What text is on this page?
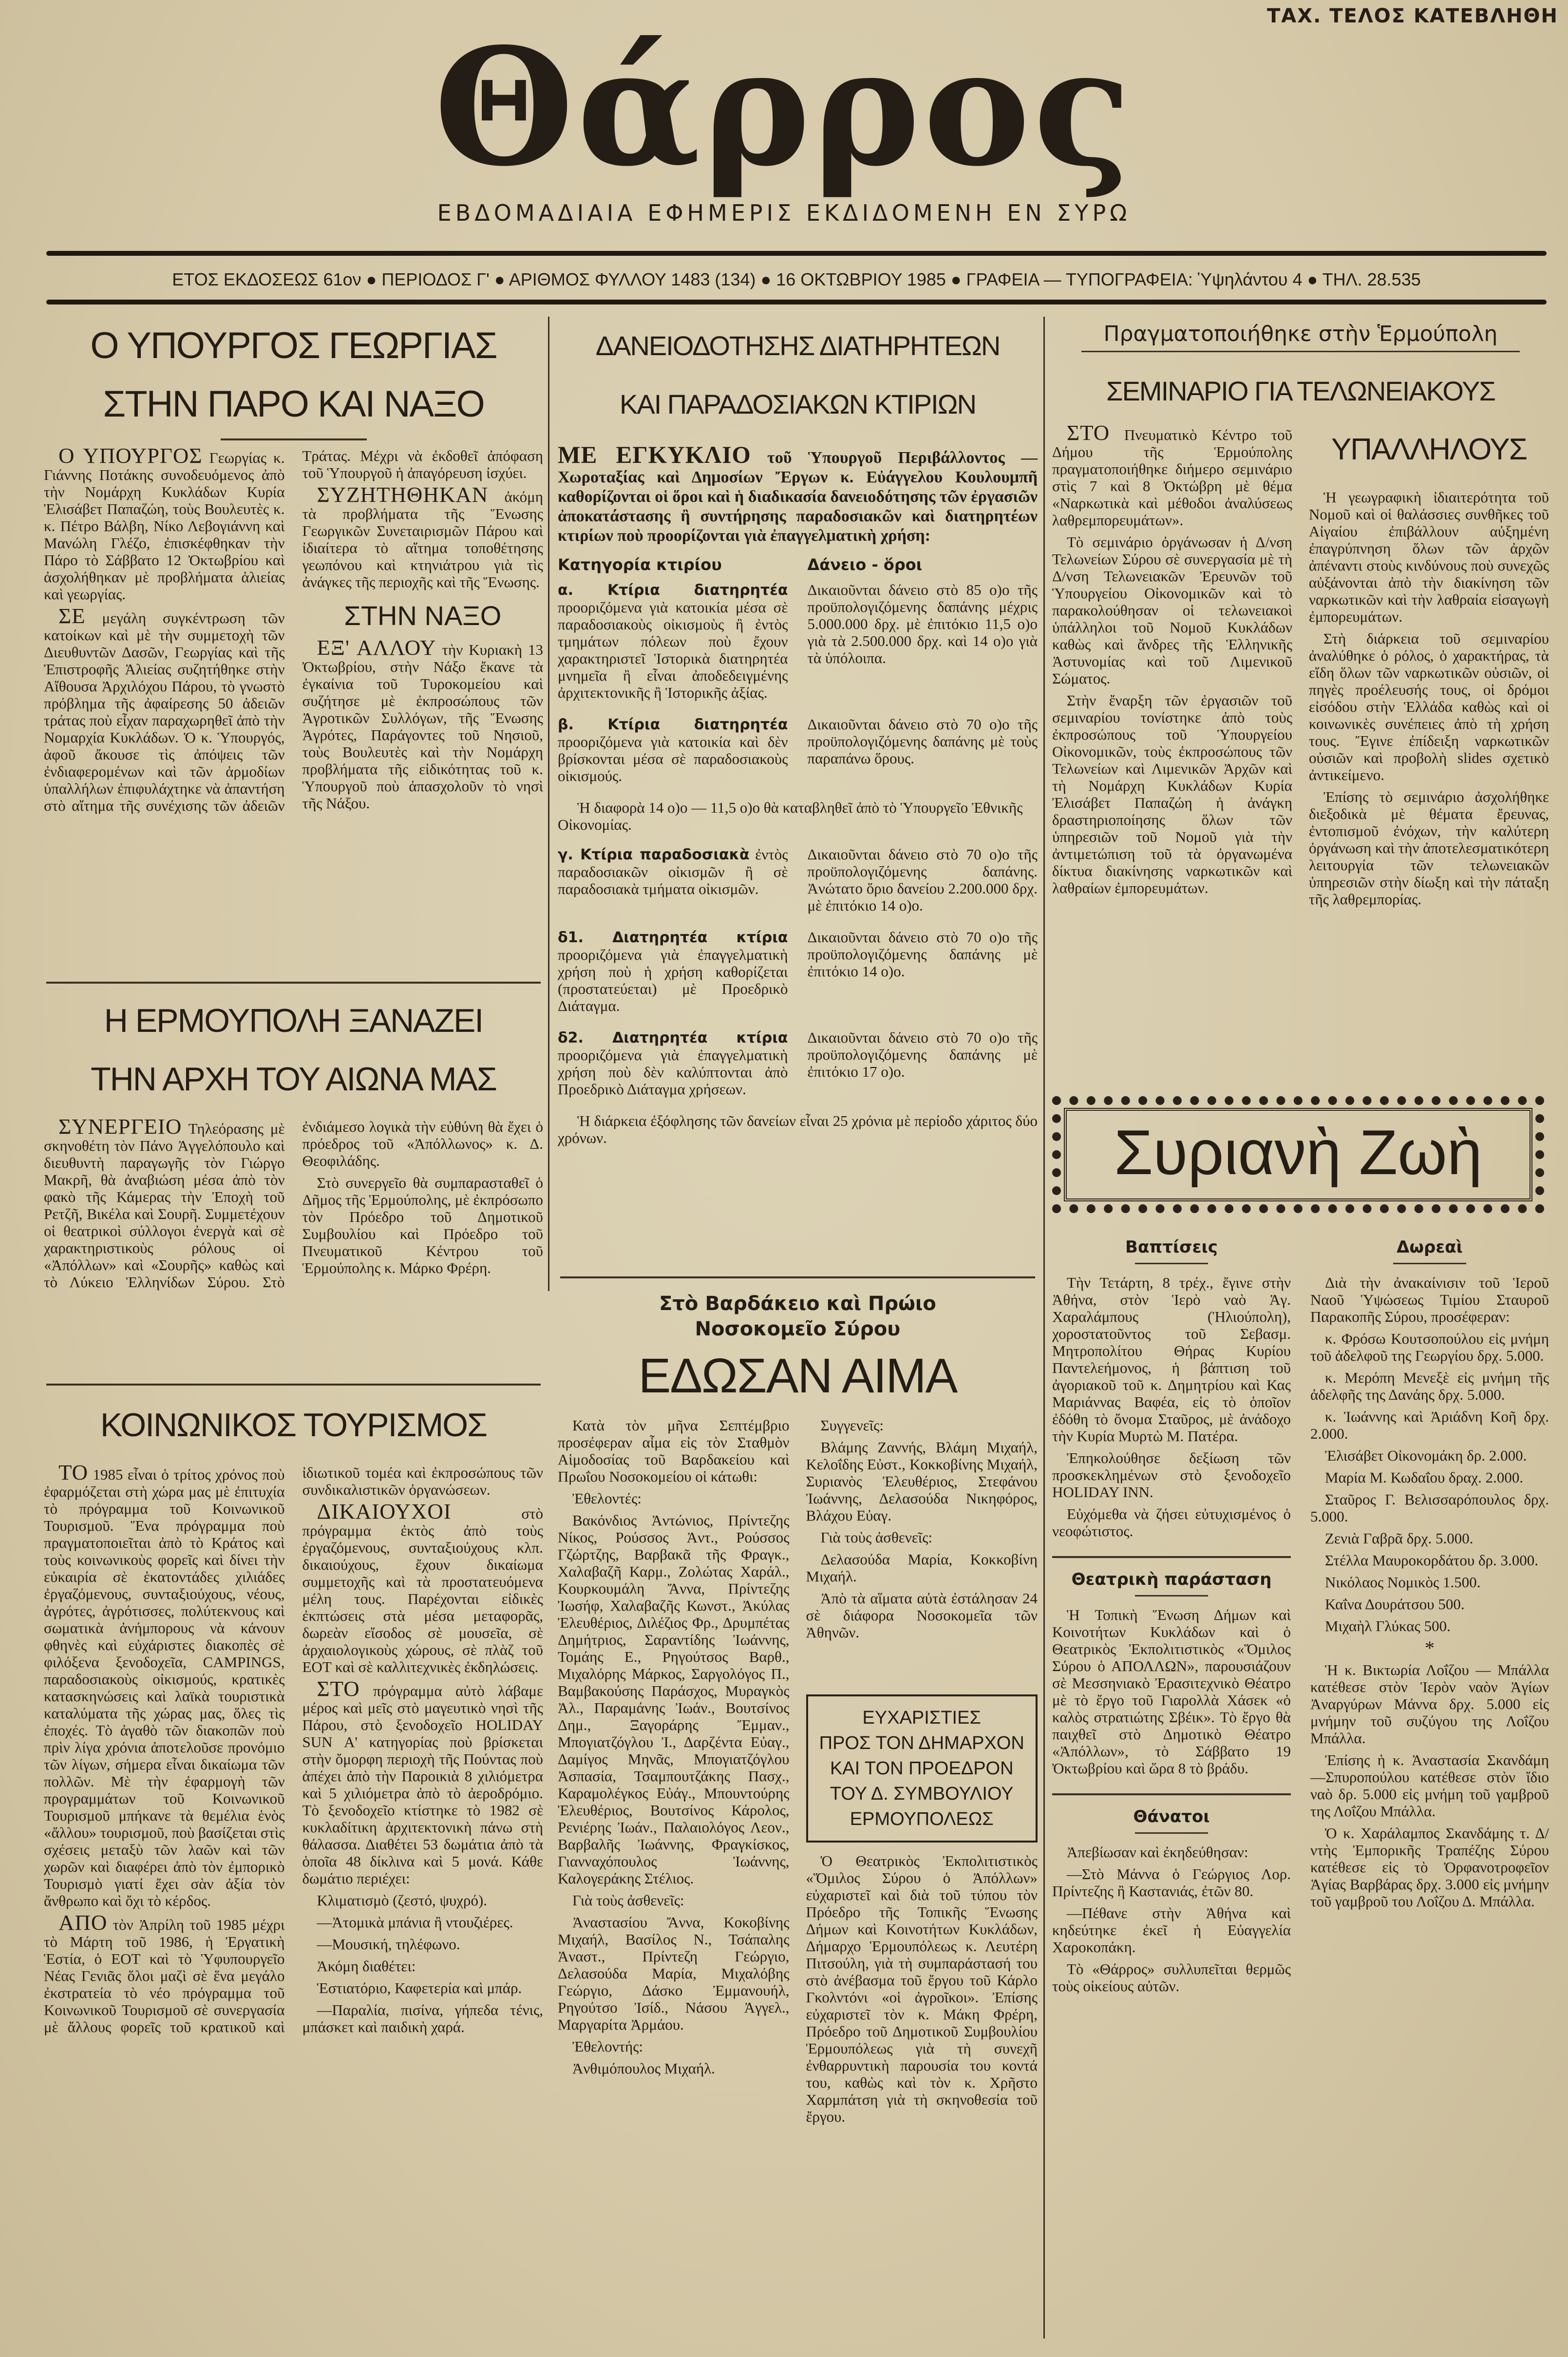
ΤΑΧ. ΤΕΛΟΣ ΚΑΤΕΒΛΗΘΗ
Θάρρος
ΕΒΔΟΜΑΔΙΑΙΑ ΕΦΗΜΕΡΙΣ ΕΚΔΙΔΟΜΕΝΗ ΕΝ ΣΥΡΩ
ΕΤΟΣ ΕΚΔΟΣΕΩΣ 61ον ● ΠΕΡΙΟΔΟΣ Γ' ● ΑΡΙΘΜΟΣ ΦΥΛΛΟΥ 1483 (134) ● 16 ΟΚΤΩΒΡΙΟΥ 1985 ● ΓΡΑΦΕΙΑ — ΤΥΠΟΓΡΑΦΕΙΑ: Ὑψηλάντου 4 ● ΤΗΛ. 28.535
Ο ΥΠΟΥΡΓΟΣ ΓΕΩΡΓΙΑΣ
ΣΤΗΝ ΠΑΡΟ ΚΑΙ ΝΑΞΟ

Ο ΥΠΟΥΡΓΟΣ Γεωργίας κ. Γιάννης Ποτάκης συνοδευόμενος ἀπὸ τὴν Νομάρχη Κυκλάδων Κυρία Ἐλισάβετ Παπαζώη, τοὺς Βουλευτὲς κ. κ. Πέτρο Βάλβη, Νίκο Λεβογιάννη καὶ Μανώλη Γλέζο, ἐπισκέφθηκαν τὴν Πάρο τὸ Σάββατο 12 Ὀκτωβρίου καὶ ἀσχολήθηκαν μὲ προβλήματα ἁλιείας καὶ γεωργίας.

ΣΕ μεγάλη συγκέντρωση τῶν κατοίκων καὶ μὲ τὴν συμμετοχὴ τῶν Διευθυντῶν Δασῶν, Γεωργίας καὶ τῆς Ἐπιστροφῆς Ἁλιείας συζητήθηκε στὴν Αἴθουσα Ἀρχιλόχου Πάρου, τὸ γνωστὸ πρόβλημα τῆς ἀφαίρεσης 50 ἀδειῶν τράτας ποὺ εἶχαν παραχωρηθεῖ ἀπὸ τὴν Νομαρχία Κυκλάδων. Ὁ κ. Ὑπουργός, ἀφοῦ ἄκουσε τὶς ἀπόψεις τῶν ἐνδιαφερομένων καὶ τῶν ἁρμοδίων ὑπαλλήλων ἐπιφυλάχτηκε νὰ ἀπαντήση στὸ αἴτημα τῆς συνέχισης τῶν ἀδειῶν Τράτας. Μέχρι νὰ ἐκδοθεῖ ἀπόφαση τοῦ Ὑπουργοῦ ἡ ἀπαγόρευση ἰσχύει.

ΣΥΖΗΤΗΘΗΚΑΝ ἀκόμη τὰ προβλήματα τῆς Ἕνωσης Γεωργικῶν Συνεταιρισμῶν Πάρου καὶ ἰδιαίτερα τὸ αἴτημα τοποθέτησης γεωπόνου καὶ κτηνιάτρου γιὰ τὶς ἀνάγκες τῆς περιοχῆς καὶ τῆς Ἕνωσης.

ΣΤΗΝ ΝΑΞΟ

ΕΞ' ΑΛΛΟΥ τὴν Κυριακὴ 13 Ὀκτωβρίου, στὴν Νάξο ἔκανε τὰ ἐγκαίνια τοῦ Τυροκομείου καὶ συζήτησε μὲ ἐκπροσώπους τῶν Ἀγροτικῶν Συλλόγων, τῆς Ἕνωσης Ἀγρότες, Παράγοντες τοῦ Νησιοῦ, τοὺς Βουλευτὲς καὶ τὴν Νομάρχη προβλήματα τῆς εἰδικότητας τοῦ κ. Ὑπουργοῦ ποὺ ἀπασχολοῦν τὸ νησὶ τῆς Νάξου.

Η ΕΡΜΟΥΠΟΛΗ ΞΑΝΑΖΕΙ
ΤΗΝ ΑΡΧΗ ΤΟΥ ΑΙΩΝΑ ΜΑΣ

ΣΥΝΕΡΓΕΙΟ Τηλεόρασης μὲ σκηνοθέτη τὸν Πάνο Ἀγγελόπουλο καὶ διευθυντὴ παραγωγῆς τὸν Γιώργο Μακρῆ, θὰ ἀναβιώση μέσα ἀπὸ τὸν φακὸ τῆς Κάμερας τὴν Ἐποχὴ τοῦ Ρετζῆ, Βικέλα καὶ Σουρῆ. Συμμετέχουν οἱ θεατρικοὶ σύλλογοι ἐνεργὰ καὶ σὲ χαρακτηριστικοὺς ρόλους οἱ «Ἀπόλλων» καὶ «Σουρῆς» καθὼς καὶ τὸ Λύκειο Ἑλληνίδων Σύρου. Στὸ ἐνδιάμεσο λογικὰ τὴν εὐθύνη θὰ ἔχει ὁ πρόεδρος τοῦ «Ἀπόλλωνος» κ. Δ. Θεοφιλάδης.

Στὸ συνεργεῖο θὰ συμπαρασταθεῖ ὁ Δῆμος τῆς Ἑρμούπολης, μὲ ἐκπρόσωπο τὸν Πρόεδρο τοῦ Δημοτικοῦ Συμβουλίου καὶ Πρόεδρο τοῦ Πνευματικοῦ Κέντρου τοῦ Ἑρμούπολης κ. Μάρκο Φρέρη.

ΚΟΙΝΩΝΙΚΟΣ ΤΟΥΡΙΣΜΟΣ

ΤΟ 1985 εἶναι ὁ τρίτος χρόνος ποὺ ἐφαρμόζεται στὴ χώρα μας μὲ ἐπιτυχία τὸ πρόγραμμα τοῦ Κοινωνικοῦ Τουρισμοῦ. Ἕνα πρόγραμμα ποὺ πραγματοποιεῖται ἀπὸ τὸ Κράτος καὶ τοὺς κοινωνικοὺς φορεῖς καὶ δίνει τὴν εὐκαιρία σὲ ἑκατοντάδες χιλιάδες ἐργαζόμενους, συνταξιούχους, νέους, ἀγρότες, ἀγρότισσες, πολύτεκνους καὶ σωματικὰ ἀνήμπορους νὰ κάνουν φθηνὲς καὶ εὐχάριστες διακοπὲς σὲ φιλόξενα ξενοδοχεῖα, CAMPINGS, παραδοσιακοὺς οἰκισμούς, κρατικὲς κατασκηνώσεις καὶ λαϊκὰ τουριστικὰ καταλύματα τῆς χώρας μας, ὅλες τὶς ἐποχές. Τὸ ἀγαθὸ τῶν διακοπῶν ποὺ πρὶν λίγα χρόνια ἀποτελοῦσε προνόμιο τῶν λίγων, σήμερα εἶναι δικαίωμα τῶν πολλῶν. Μὲ τὴν ἐφαρμογὴ τῶν προγραμμάτων τοῦ Κοινωνικοῦ Τουρισμοῦ μπήκανε τὰ θεμέλια ἑνὸς «ἄλλου» τουρισμοῦ, ποὺ βασίζεται στὶς σχέσεις μεταξὺ τῶν λαῶν καὶ τῶν χωρῶν καὶ διαφέρει ἀπὸ τὸν ἐμπορικὸ Τουρισμὸ γιατί ἔχει σὰν ἀξία τὸν ἄνθρωπο καὶ ὄχι τὸ κέρδος.

ΑΠΟ τὸν Ἀπρίλη τοῦ 1985 μέχρι τὸ Μάρτη τοῦ 1986, ἡ Ἐργατικὴ Ἑστία, ὁ ΕΟΤ καὶ τὸ Ὑφυπουργεῖο Νέας Γενιᾶς ὅλοι μαζὶ σὲ ἕνα μεγάλο ἐκστρατεία τὸ νέο πρόγραμμα τοῦ Κοινωνικοῦ Τουρισμοῦ σὲ συνεργασία μὲ ἄλλους φορεῖς τοῦ κρατικοῦ καὶ ἰδιωτικοῦ τομέα καὶ ἐκπροσώπους τῶν συνδικαλιστικῶν ὀργανώσεων.

ΔΙΚΑΙΟΥΧΟΙ στὸ πρόγραμμα ἐκτὸς ἀπὸ τοὺς ἐργαζόμενους, συνταξιούχους κλπ. δικαιούχους, ἔχουν δικαίωμα συμμετοχῆς καὶ τὰ προστατευόμενα μέλη τους. Παρέχονται εἰδικὲς ἐκπτώσεις στὰ μέσα μεταφορᾶς, δωρεὰν εἴσοδος σὲ μουσεῖα, σὲ ἀρχαιολογικοὺς χώρους, σὲ πλὰζ τοῦ ΕΟΤ καὶ σὲ καλλιτεχνικὲς ἐκδηλώσεις.

ΣΤΟ πρόγραμμα αὐτὸ λάβαμε μέρος καὶ μεῖς στὸ μαγευτικὸ νησὶ τῆς Πάρου, στὸ ξενοδοχεῖο HOLIDAY SUN Α' κατηγορίας ποὺ βρίσκεται στὴν ὄμορφη περιοχὴ τῆς Πούντας ποὺ ἀπέχει ἀπὸ τὴν Παροικιὰ 8 χιλιόμετρα καὶ 5 χιλιόμετρα ἀπὸ τὸ ἀεροδρόμιο. Τὸ ξενοδοχεῖο κτίστηκε τὸ 1982 σὲ κυκλαδίτικη ἀρχιτεκτονικὴ πάνω στὴ θάλασσα. Διαθέτει 53 δωμάτια ἀπὸ τὰ ὁποῖα 48 δίκλινα καὶ 5 μονά. Κάθε δωμάτιο περιέχει:

Κλιματισμὸ (ζεστό, ψυχρό).

—Ἀτομικὰ μπάνια ἢ ντουζιέρες.

—Μουσική, τηλέφωνο.

Ἀκόμη διαθέτει:

Ἑστιατόριο, Καφετερία καὶ μπάρ.

—Παραλία, πισίνα, γήπεδα τένις, μπάσκετ καὶ παιδικὴ χαρά.

ΔΑΝΕΙΟΔΟΤΗΣΗΣ ΔΙΑΤΗΡΗΤΕΩΝ
ΚΑΙ ΠΑΡΑΔΟΣΙΑΚΩΝ ΚΤΙΡΙΩΝ
ΜΕ ΕΓΚΥΚΛΙΟ τοῦ Ὑπουργοῦ Περιβάλλοντος — Χωροταξίας καὶ Δημοσίων Ἔργων κ. Εὐάγγελου Κουλουμπῆ καθορίζονται οἱ ὅροι καὶ ἡ διαδικασία δανειοδότησης τῶν ἐργασιῶν ἀποκατάστασης ἢ συντήρησης παραδοσιακῶν καὶ διατηρητέων κτιρίων ποὺ προορίζονται γιὰ ἐπαγγελματικὴ χρήση:
Κατηγορία κτιρίου	Δάνειο - ὅροι
α. Κτίρια διατηρητέα προοριζόμενα γιὰ κατοικία μέσα σὲ παραδοσιακοὺς οἰκισμοὺς ἢ ἐντὸς τμημάτων πόλεων ποὺ ἔχουν χαρακτηριστεῖ Ἱστορικὰ διατηρητέα μνημεῖα ἢ εἶναι ἀποδεδειγμένης ἀρχιτεκτονικῆς ἢ Ἱστορικῆς ἀξίας.
Δικαιοῦνται δάνειο στὸ 85 ο)ο τῆς προϋπολογιζόμενης δαπάνης μέχρις 5.000.000 δρχ. μὲ ἐπιτόκιο 11,5 ο)ο γιὰ τὰ 2.500.000 δρχ. καὶ 14 ο)ο γιὰ τὰ ὑπόλοιπα.
β. Κτίρια διατηρητέα προοριζόμενα γιὰ κατοικία καὶ δὲν βρίσκονται μέσα σὲ παραδοσιακοὺς οἰκισμούς.
Δικαιοῦνται δάνειο στὸ 70 ο)ο τῆς προϋπολογιζόμενης δαπάνης μὲ τοὺς παραπάνω ὅρους.

Ἡ διαφορὰ 14 ο)ο — 11,5 ο)ο θὰ καταβληθεῖ ἀπὸ τὸ Ὑπουργεῖο Ἐθνικῆς Οἰκονομίας.

γ. Κτίρια παραδοσιακὰ ἐντὸς παραδοσιακῶν οἰκισμῶν ἢ σὲ παραδοσιακὰ τμήματα οἰκισμῶν.
Δικαιοῦνται δάνειο στὸ 70 ο)ο τῆς προϋπολογιζόμενης δαπάνης. Ἀνώτατο ὅριο δανείου 2.200.000 δρχ. μὲ ἐπιτόκιο 14 ο)ο.
δ1. Διατηρητέα κτίρια προοριζόμενα γιὰ ἐπαγγελματικὴ χρήση ποὺ ἡ χρήση καθορίζεται (προστατεύεται) μὲ Προεδρικὸ Διάταγμα.
Δικαιοῦνται δάνειο στὸ 70 ο)ο τῆς προϋπολογιζόμενης δαπάνης μὲ ἐπιτόκιο 14 ο)ο.
δ2. Διατηρητέα κτίρια προοριζόμενα γιὰ ἐπαγγελματικὴ χρήση ποὺ δὲν καλύπτονται ἀπὸ Προεδρικὸ Διάταγμα χρήσεων.
Δικαιοῦνται δάνειο στὸ 70 ο)ο τῆς προϋπολογιζόμενης δαπάνης μὲ ἐπιτόκιο 17 ο)ο.

Ἡ διάρκεια ἐξόφλησης τῶν δανείων εἶναι 25 χρόνια μὲ περίοδο χάριτος δύο χρόνων.

Στὸ Βαρδάκειο καὶ Πρώιο
Νοσοκομεῖο Σύρου
ΕΔΩΣΑΝ ΑΙΜΑ

Κατὰ τὸν μῆνα Σεπτέμβριο προσέφεραν αἷμα εἰς τὸν Σταθμὸν Αἱμοδοσίας τοῦ Βαρδακείου καὶ Πρωΐου Νοσοκομείου οἱ κάτωθι:

Ἐθελοντές:

Βακόνδιος Ἀντώνιος, Πρίντεζης Νίκος, Ρούσσος Ἀντ., Ρούσσος Γζώρτζης, Βαρβακᾶ τῆς Φραγκ., Χαλαβαζῆ Καρμ., Ζολώτας Χαράλ., Κουρκουμάλη Ἄννα, Πρίντεζης Ἰωσήφ, Χαλαβαζῆς Κωνστ., Ἀκύλας Ἐλευθέριος, Διλέζιος Φρ., Δρυμπέτας Δημήτριος, Σαραντίδης Ἰωάννης, Τομάης Ε., Ρηγούτσος Βαρθ., Μιχαλόρης Μάρκος, Σαργολόγος Π., Βαμβακούσης Παράσχος, Μυραγκὸς Ἀλ., Παραμάνης Ἰωάν., Βουτσίνος Δημ., Ξαγοράρης Ἔμμαν., Μπογιατζόγλου Ἰ., Δαρζέντα Εὐαγ., Δαμίγος Μηνᾶς, Μπογιατζόγλου Ἀσπασία, Τσαμπουτζάκης Πασχ., Καραμολέγκος Εὐάγ., Μπουντούρης Ἐλευθέριος, Βουτσίνος Κάρολος, Ρενιέρης Ἰωάν., Παλαιολόγος Λεον., Βαρβαλῆς Ἰωάννης, Φραγκίσκος, Γιανναχόπουλος Ἰωάννης, Καλογεράκης Στέλιος.

Γιὰ τοὺς ἀσθενεῖς:

Ἀναστασίου Ἄννα, Κοκοβίνης Μιχαήλ, Βασίλος Ν., Τσάπαλης Ἀναστ., Πρίντεζη Γεώργιο, Δελασούδα Μαρία, Μιχαλόβης Γεώργιο, Δάσκο Ἐμμανουήλ, Ρηγούτσο Ἰσίδ., Νάσου Ἀγγελ., Μαργαρίτα Ἀρμάου.

Ἐθελοντής:

Ἀνθιμόπουλος Μιχαήλ.

Συγγενεῖς:

Βλάμης Ζαννής, Βλάμη Μιχαήλ, Κελοΐδης Εὐστ., Κοκκοβίνης Μιχαήλ, Συριανὸς Ἐλευθέριος, Στεφάνου Ἰωάννης, Δελασούδα Νικηφόρος, Βλάχου Εὐαγ.

Γιὰ τοὺς ἀσθενεῖς:

Δελασούδα Μαρία, Κοκκοβίνη Μιχαήλ.

Ἀπὸ τὰ αἵματα αὐτὰ ἐστάλησαν 24 σὲ διάφορα Νοσοκομεῖα τῶν Ἀθηνῶν.

ΕΥΧΑΡΙΣΤΙΕΣ
ΠΡΟΣ ΤΟΝ ΔΗΜΑΡΧΟΝ
ΚΑΙ ΤΟΝ ΠΡΟΕΔΡΟΝ
ΤΟΥ Δ. ΣΥΜΒΟΥΛΙΟΥ
ΕΡΜΟΥΠΟΛΕΩΣ

Ὁ Θεατρικὸς Ἐκπολιτιστικὸς «Ὅμιλος Σύρου ὁ Ἀπόλλων» εὐχαριστεῖ καὶ διὰ τοῦ τύπου τὸν Πρόεδρο τῆς Τοπικῆς Ἕνωσης Δήμων καὶ Κοινοτήτων Κυκλάδων, Δήμαρχο Ἑρμουπόλεως κ. Λευτέρη Πιτσούλη, γιὰ τὴ συμπαράστασή του στὸ ἀνέβασμα τοῦ ἔργου τοῦ Κάρλο Γκολντόνι «οἱ ἀγροῖκοι». Ἐπίσης εὐχαριστεῖ τὸν κ. Μάκη Φρέρη, Πρόεδρο τοῦ Δημοτικοῦ Συμβουλίου Ἑρμουπόλεως γιὰ τὴ συνεχῆ ἐνθαρρυντικὴ παρουσία του κοντά του, καθὼς καὶ τὸν κ. Χρῆστο Χαρμπάτση γιὰ τὴ σκηνοθεσία τοῦ ἔργου.

Πραγματοποιήθηκε στὴν Ἑρμούπολη
ΣΕΜΙΝΑΡΙΟ ΓΙΑ ΤΕΛΩΝΕΙΑΚΟΥΣ

ΣΤΟ Πνευματικὸ Κέντρο τοῦ Δήμου τῆς Ἑρμούπολης πραγματοποιήθηκε διήμερο σεμινάριο στὶς 7 καὶ 8 Ὀκτώβρη μὲ θέμα «Ναρκωτικὰ καὶ μέθοδοι ἀναλύσεως λαθρεμπορευμάτων».

Τὸ σεμινάριο ὀργάνωσαν ἡ Δ/νση Τελωνείων Σύρου σὲ συνεργασία μὲ τὴ Δ/νση Τελωνειακῶν Ἐρευνῶν τοῦ Ὑπουργείου Οἰκονομικῶν καὶ τὸ παρακολούθησαν οἱ τελωνειακοὶ ὑπάλληλοι τοῦ Νομοῦ Κυκλάδων καθὼς καὶ ἄνδρες τῆς Ἑλληνικῆς Ἀστυνομίας καὶ τοῦ Λιμενικοῦ Σώματος.

Στὴν ἔναρξη τῶν ἐργασιῶν τοῦ σεμιναρίου τονίστηκε ἀπὸ τοὺς ἐκπροσώπους τοῦ Ὑπουργείου Οἰκονομικῶν, τοὺς ἐκπροσώπους τῶν Τελωνείων καὶ Λιμενικῶν Ἀρχῶν καὶ τὴ Νομάρχη Κυκλάδων Κυρία Ἐλισάβετ Παπαζώη ἡ ἀνάγκη δραστηριοποίησης ὅλων τῶν ὑπηρεσιῶν τοῦ Νομοῦ γιὰ τὴν ἀντιμετώπιση τοῦ τὰ ὀργανωμένα δίκτυα διακίνησης ναρκωτικῶν καὶ λαθραίων ἐμπορευμάτων.

ΥΠΑΛΛΗΛΟΥΣ

Ἡ γεωγραφικὴ ἰδιαιτερότητα τοῦ Νομοῦ καὶ οἱ θαλάσσιες συνθῆκες τοῦ Αἰγαίου ἐπιβάλλουν αὐξημένη ἐπαγρύπνηση ὅλων τῶν ἀρχῶν ἀπέναντι στοὺς κινδύνους ποὺ συνεχῶς αὐξάνονται ἀπὸ τὴν διακίνηση τῶν ναρκωτικῶν καὶ τὴν λαθραία εἰσαγωγὴ ἐμπορευμάτων.

Στὴ διάρκεια τοῦ σεμιναρίου ἀναλύθηκε ὁ ρόλος, ὁ χαρακτήρας, τὰ εἴδη ὅλων τῶν ναρκωτικῶν οὐσιῶν, οἱ πηγὲς προέλευσής τους, οἱ δρόμοι εἰσόδου στὴν Ἑλλάδα καθὼς καὶ οἱ κοινωνικὲς συνέπειες ἀπὸ τὴ χρήση τους. Ἔγινε ἐπίδειξη ναρκωτικῶν οὐσιῶν καὶ προβολὴ slides σχετικὸ ἀντικείμενο.

Ἐπίσης τὸ σεμινάριο ἀσχολήθηκε διεξοδικὰ μὲ θέματα ἔρευνας, ἐντοπισμοῦ ἐνόχων, τὴν καλύτερη ὀργάνωση καὶ τὴν ἀποτελεσματικότερη λειτουργία τῶν τελωνειακῶν ὑπηρεσιῶν στὴν δίωξη καὶ τὴν πάταξη τῆς λαθρεμπορίας.

Συριανὴ Ζωὴ
Βαπτίσεις

Τὴν Τετάρτη, 8 τρέχ., ἔγινε στὴν Ἀθήνα, στὸν Ἱερὸ ναὸ Ἁγ. Χαραλάμπους (Ἡλιούπολη), χοροστατοῦντος τοῦ Σεβασμ. Μητροπολίτου Θήρας Κυρίου Παντελεήμονος, ἡ βάπτιση τοῦ ἀγοριακοῦ τοῦ κ. Δημητρίου καὶ Κας Μαριάννας Βαφέα, εἰς τὸ ὁποῖον ἐδόθη τὸ ὄνομα Σταῦρος, μὲ ἀνάδοχο τὴν Κυρία Μυρτὼ Μ. Πατέρα.

Ἐπηκολούθησε δεξίωση τῶν προσκεκλημένων στὸ ξενοδοχεῖο HOLIDAY INN.

Εὐχόμεθα νὰ ζήσει εὐτυχισμένος ὁ νεοφώτιστος.

Θεατρικὴ παράσταση

Ἡ Τοπικὴ Ἕνωση Δήμων καὶ Κοινοτήτων Κυκλάδων καὶ ὁ Θεατρικὸς Ἐκπολιτιστικὸς «Ὅμιλος Σύρου ὁ ΑΠΟΛΛΩΝ», παρουσιάζουν σὲ Μεσσηνιακὸ Ἐρασιτεχνικὸ Θέατρο μὲ τὸ ἔργο τοῦ Γιαρολλὰ Χάσεκ «ὁ καλὸς στρατιώτης Σβέικ». Τὸ ἔργο θὰ παιχθεῖ στὸ Δημοτικὸ Θέατρο «Ἀπόλλων», τὸ Σάββατο 19 Ὀκτωβρίου καὶ ὥρα 8 τὸ βράδυ.

Θάνατοι

Ἀπεβίωσαν καὶ ἐκηδεύθησαν:

—Στὸ Μάννα ὁ Γεώργιος Λορ. Πρίντεζης ἢ Καστανιάς, ἐτῶν 80.

—Πέθανε στὴν Ἀθήνα καὶ κηδεύτηκε ἐκεῖ ἡ Εὐαγγελία Χαροκοπάκη.

Τὸ «Θάρρος» συλλυπεῖται θερμῶς τοὺς οἰκείους αὐτῶν.

Δωρεαὶ

Διὰ τὴν ἀνακαίνισιν τοῦ Ἱεροῦ Ναοῦ Ὑψώσεως Τιμίου Σταυροῦ Παρακοπῆς Σύρου, προσέφεραν:

κ. Φρόσω Κουτσοπούλου εἰς μνήμη τοῦ ἀδελφοῦ της Γεωργίου δρχ. 5.000.

κ. Μερόπη Μενεξὲ εἰς μνήμη τῆς ἀδελφῆς της Δανάης δρχ. 5.000.

κ. Ἰωάννης καὶ Ἀριάδνη Κοῆ δρχ. 2.000.

Ἐλισάβετ Οἰκονομάκη δρ. 2.000.

Μαρία Μ. Κωδαΐου δραχ. 2.000.

Σταῦρος Γ. Βελισσαρόπουλος δρχ. 5.000.

Ζενιὰ Γαβρᾶ δρχ. 5.000.

Στέλλα Μαυροκορδάτου δρ. 3.000.

Νικόλαος Νομικὸς 1.500.

Καΐνα Δουράτσου 500.

Μιχαὴλ Γλύκας 500.

*

Ἡ κ. Βικτωρία Λοΐζου — Μπάλλα κατέθεσε στὸν Ἱερὸν ναὸν Ἁγίων Ἀναργύρων Μάννα δρχ. 5.000 εἰς μνήμην τοῦ συζύγου της Λοΐζου Μπάλλα.

Ἐπίσης ἡ κ. Ἀναστασία Σκανδάμη—Σπυροπούλου κατέθεσε στὸν ἴδιο ναὸ δρ. 5.000 εἰς μνήμη τοῦ γαμβροῦ της Λοΐζου Μπάλλα.

Ὁ κ. Χαράλαμπος Σκανδάμης τ. Δ/ντὴς Ἐμπορικῆς Τραπέζης Σύρου κατέθεσε εἰς τὸ Ὀρφανοτροφεῖον Ἁγίας Βαρβάρας δρχ. 3.000 εἰς μνήμην τοῦ γαμβροῦ του Λοΐζου Δ. Μπάλλα.
